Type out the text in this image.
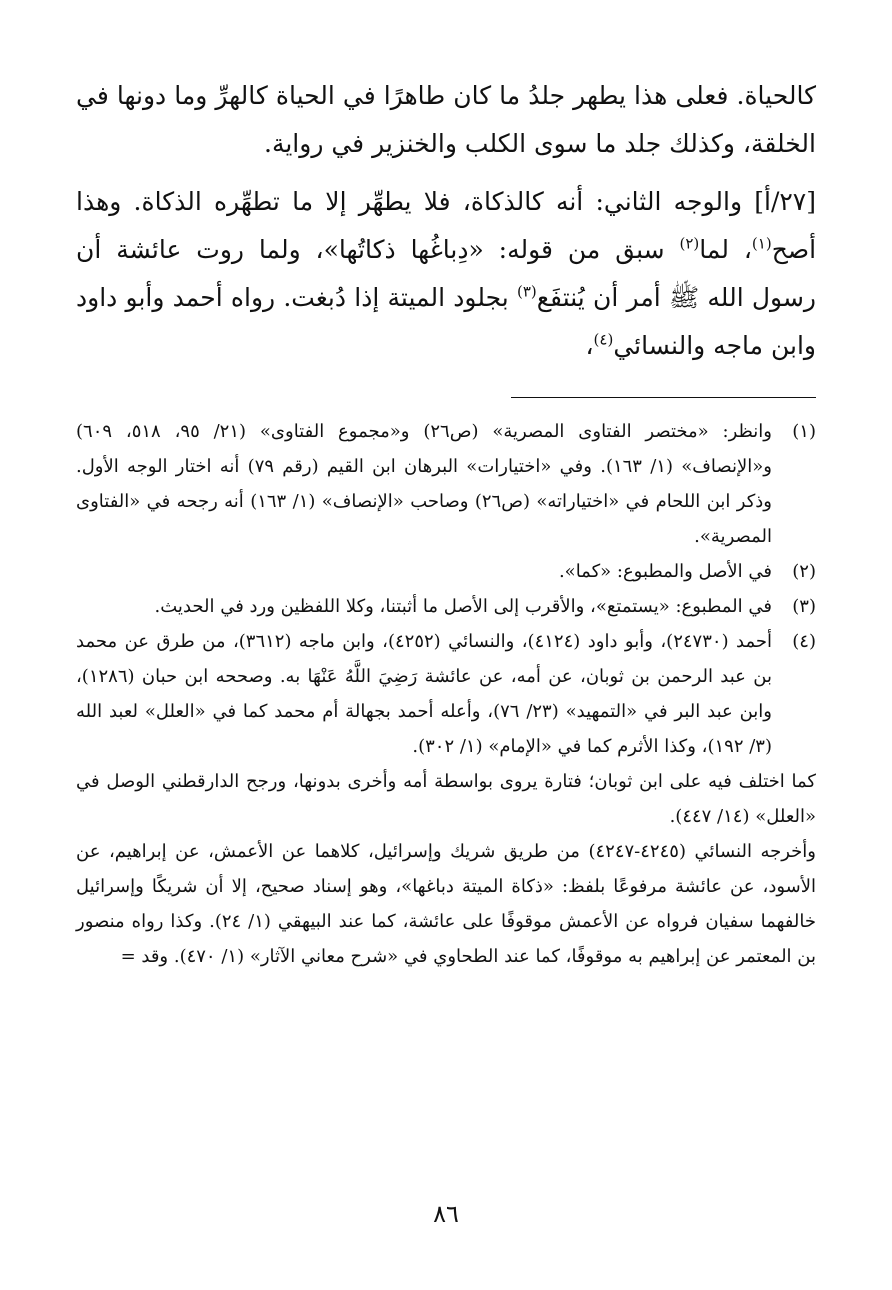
كالحياة. فعلى هذا يطهر جلدُ ما كان طاهرًا في الحياة كالهرِّ وما دونها في الخلقة، وكذلك جلد ما سوى الكلب والخنزير في رواية.

[٢٧/أ] والوجه الثاني: أنه كالذكاة، فلا يطهِّر إلا ما تطهِّره الذكاة. وهذا أصح$^{(١)}$، لما$^{(٢)}$ سبق من قوله: «دِباغُها ذكاتُها»، ولما روت عائشة أن رسول الله ﷺ أمر أن يُنتفَع$^{(٣)}$ بجلود الميتة إذا دُبغت. رواه أحمد وأبو داود وابن ماجه والنسائي$^{(٤)}$،

(١)

وانظر: «مختصر الفتاوى المصرية» (ص٢٦) و«مجموع الفتاوى» (٢١/ ٩٥، ٥١٨، ٦٠٩) و«الإنصاف» (١/ ١٦٣). وفي «اختيارات» البرهان ابن القيم (رقم ٧٩) أنه اختار الوجه الأول. وذكر ابن اللحام في «اختياراته» (ص٢٦) وصاحب «الإنصاف» (١/ ١٦٣) أنه رجحه في «الفتاوى المصرية».

(٢)

في الأصل والمطبوع: «كما».

(٣)

في المطبوع: «يستمتع»، والأقرب إلى الأصل ما أثبتنا، وكلا اللفظين ورد في الحديث.

(٤)

أحمد (٢٤٧٣٠)، وأبو داود (٤١٢٤)، والنسائي (٤٢٥٢)، وابن ماجه (٣٦١٢)، من طرق عن محمد بن عبد الرحمن بن ثوبان، عن أمه، عن عائشة رَضِيَ اللَّهُ عَنْهَا به. وصححه ابن حبان (١٢٨٦)، وابن عبد البر في «التمهيد» (٢٣/ ٧٦)، وأعله أحمد بجهالة أم محمد كما في «العلل» لعبد الله (٣/ ١٩٢)، وكذا الأثرم كما في «الإمام» (١/ ٣٠٢).

كما اختلف فيه على ابن ثوبان؛ فتارة يروى بواسطة أمه وأخرى بدونها، ورجح الدارقطني الوصل في «العلل» (١٤/ ٤٤٧).

وأخرجه النسائي (٤٢٤٥-٤٢٤٧) من طريق شريك وإسرائيل، كلاهما عن الأعمش، عن إبراهيم، عن الأسود، عن عائشة مرفوعًا بلفظ: «ذكاة الميتة دباغها»، وهو إسناد صحيح، إلا أن شريكًا وإسرائيل خالفهما سفيان فرواه عن الأعمش موقوفًا على عائشة، كما عند البيهقي (١/ ٢٤). وكذا رواه منصور بن المعتمر عن إبراهيم به موقوفًا، كما عند الطحاوي في «شرح معاني الآثار» (١/ ٤٧٠). وقد =

٨٦
